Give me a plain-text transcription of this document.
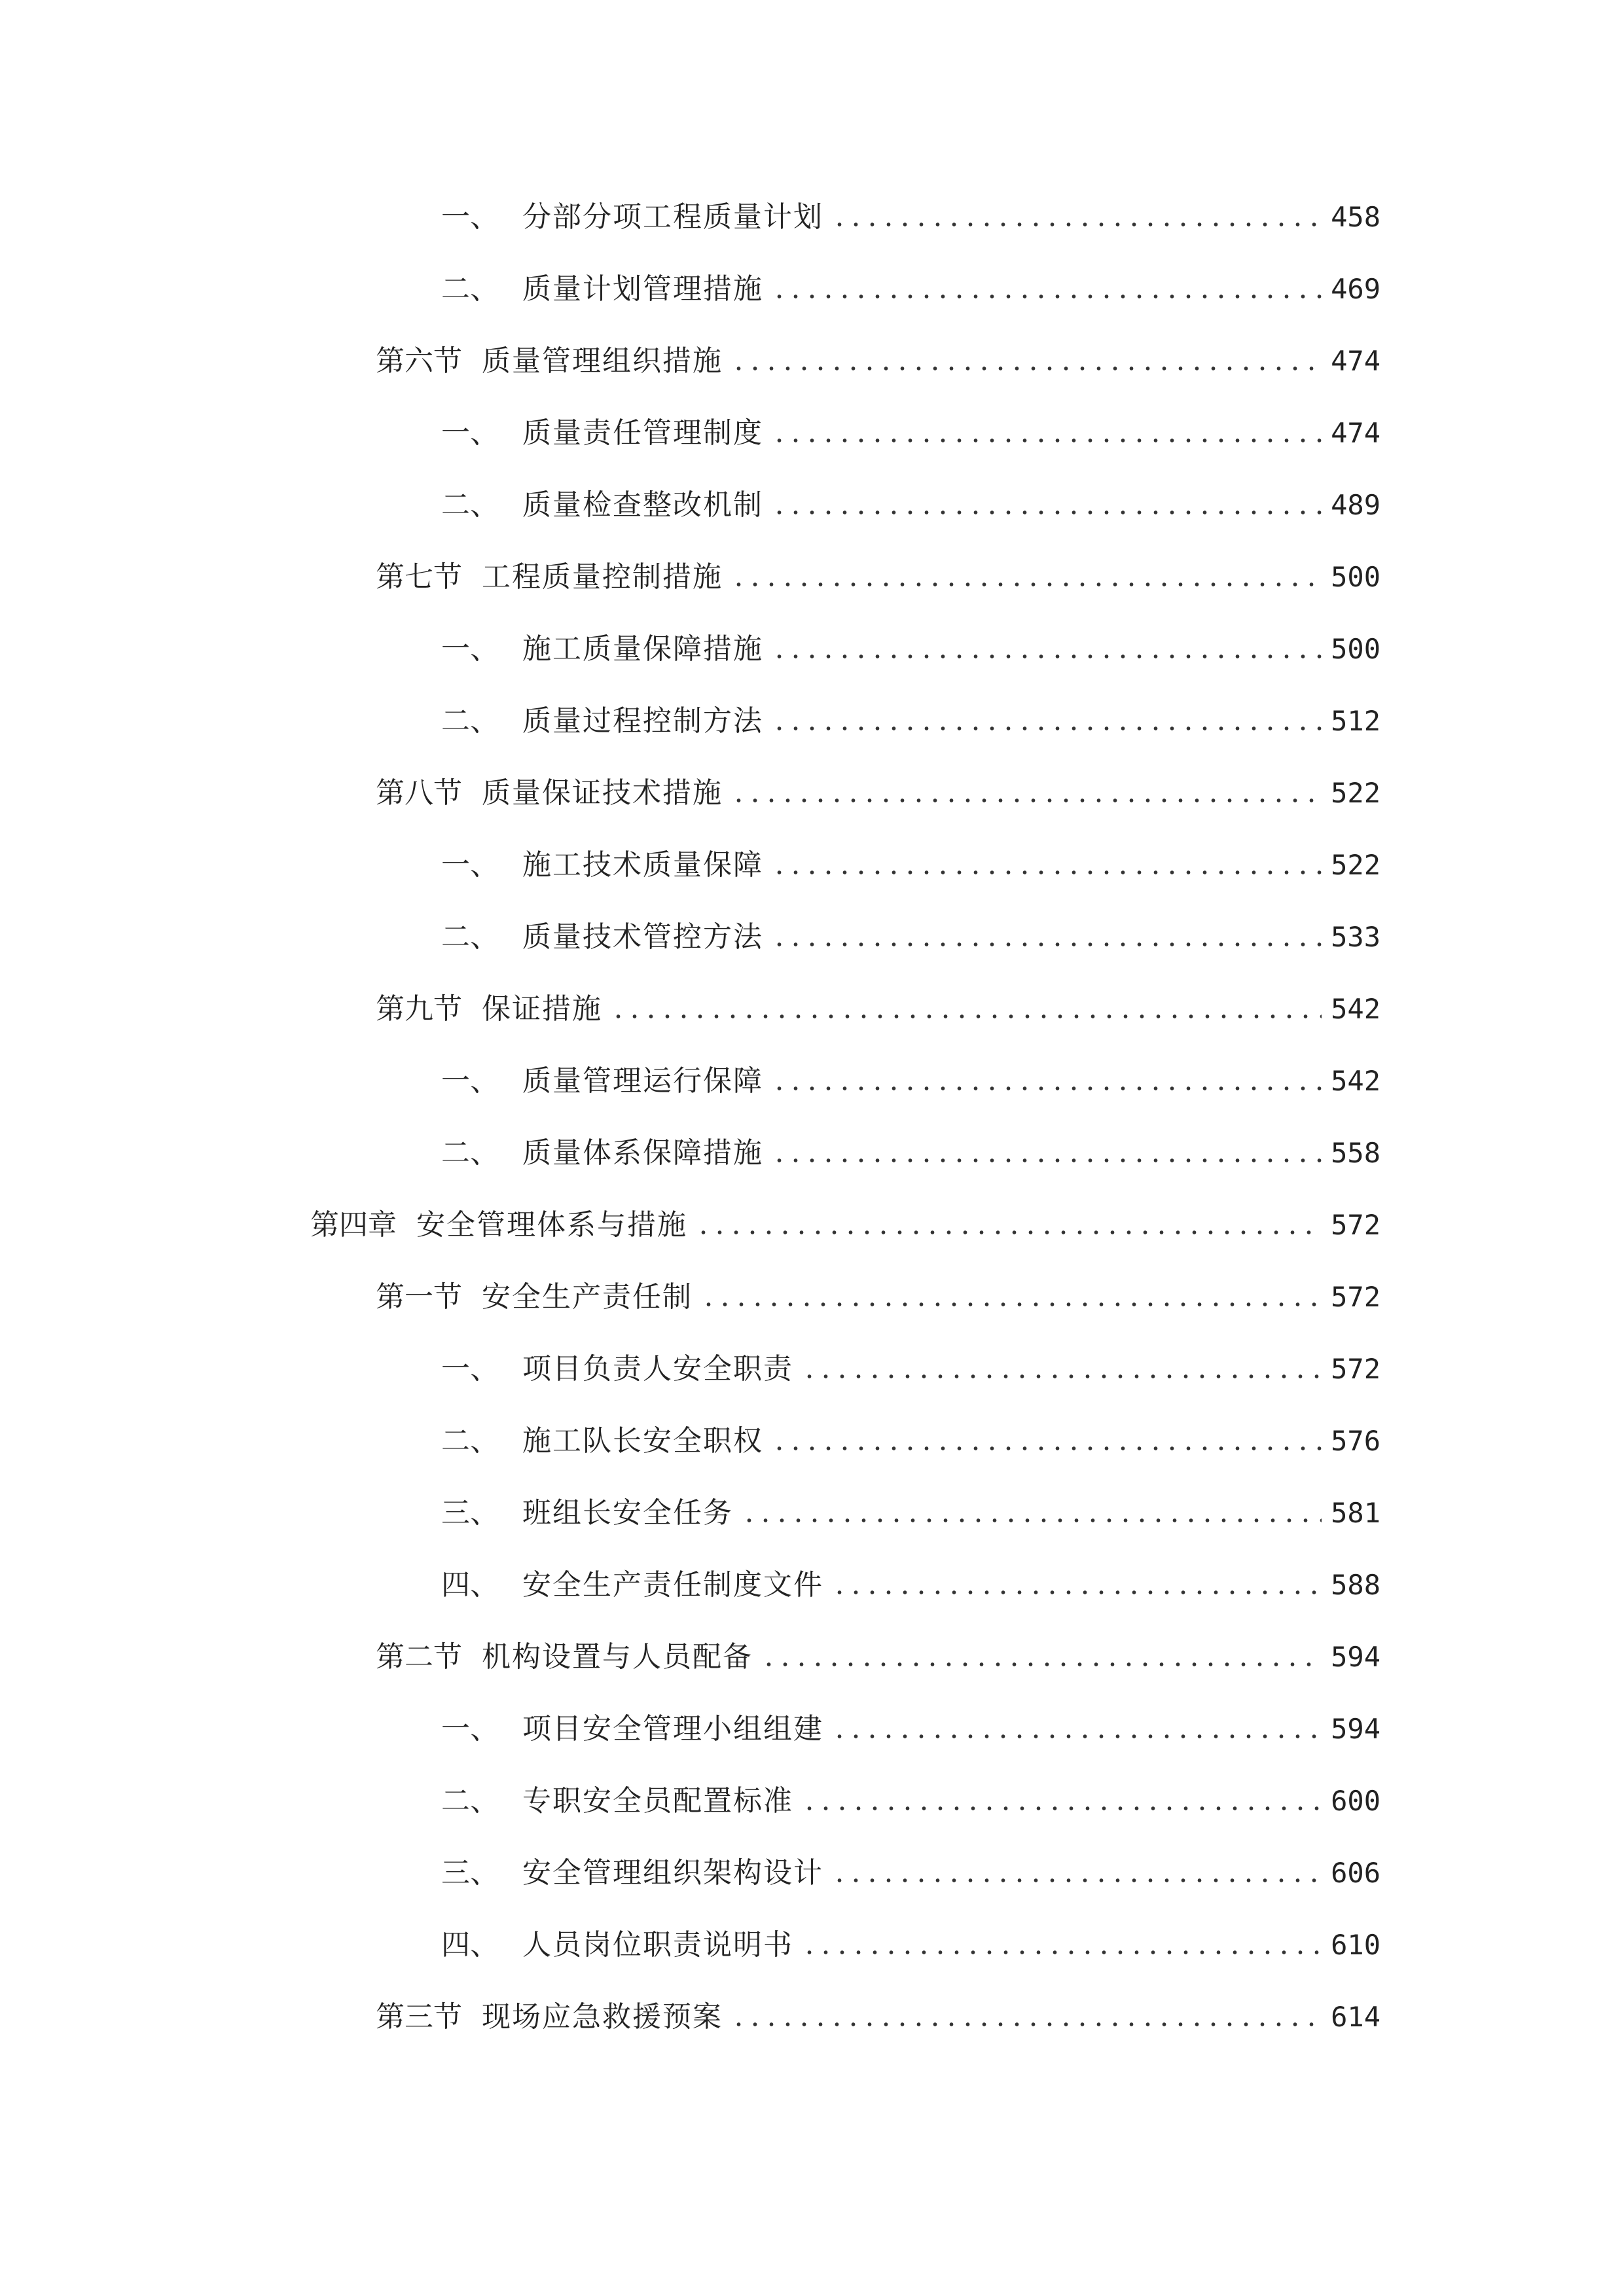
一、 分部分项工程质量计划	458
二、 质量计划管理措施	469
第六节 质量管理组织措施	474
一、 质量责任管理制度	474
二、 质量检查整改机制	489
第七节 工程质量控制措施	500
一、 施工质量保障措施	500
二、 质量过程控制方法	512
第八节 质量保证技术措施	522
一、 施工技术质量保障	522
二、 质量技术管控方法	533
第九节 保证措施	542
一、 质量管理运行保障	542
二、 质量体系保障措施	558
第四章 安全管理体系与措施	572
第一节 安全生产责任制	572
一、 项目负责人安全职责	572
二、 施工队长安全职权	576
三、 班组长安全任务	581
四、 安全生产责任制度文件	588
第二节 机构设置与人员配备	594
一、 项目安全管理小组组建	594
二、 专职安全员配置标准	600
三、 安全管理组织架构设计	606
四、 人员岗位职责说明书	610
第三节 现场应急救援预案	614
